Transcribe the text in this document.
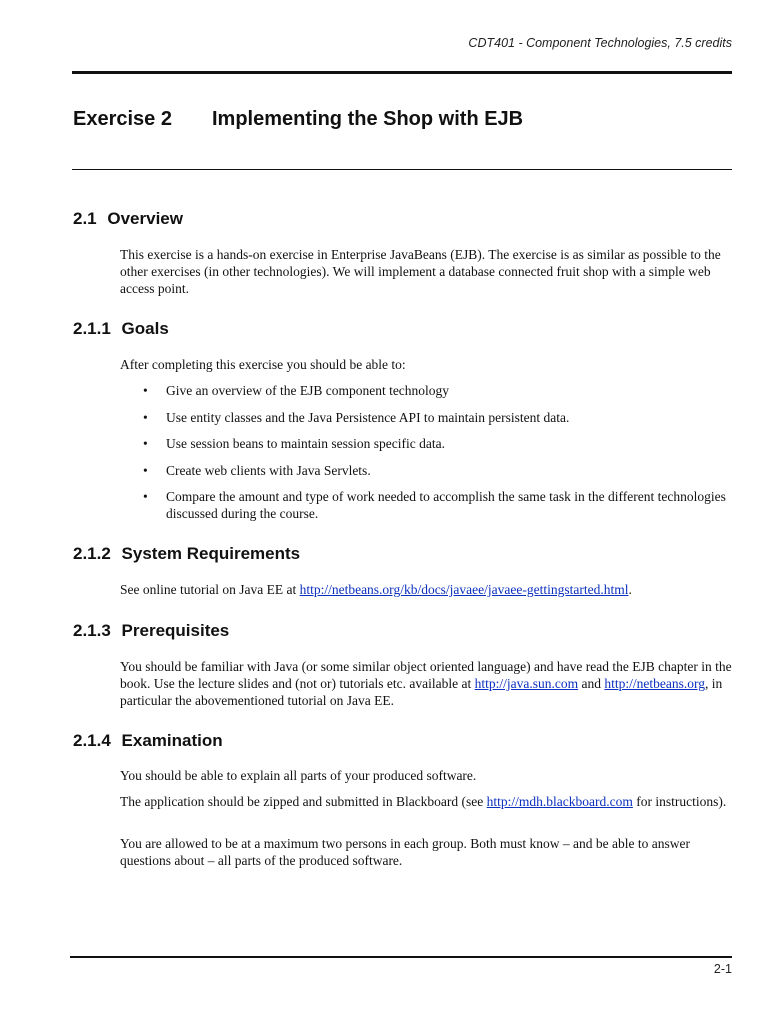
CDT401 - Component Technologies, 7.5 credits
Exercise 2 Implementing the Shop with EJB
2.1 Overview

This exercise is a hands-on exercise in Enterprise JavaBeans (EJB). The exercise is as similar as possible to the other exercises (in other technologies). We will implement a database connected fruit shop with a simple web access point.

2.1.1 Goals

After completing this exercise you should be able to:

• Give an overview of the EJB component technology
• Use entity classes and the Java Persistence API to maintain persistent data.
• Use session beans to maintain session specific data.
• Create web clients with Java Servlets.
• Compare the amount and type of work needed to accomplish the same task in the different technologies discussed during the course.
2.1.2 System Requirements

See online tutorial on Java EE at http://netbeans.org/kb/docs/javaee/javaee-gettingstarted.html.

2.1.3 Prerequisites

You should be familiar with Java (or some similar object oriented language) and have read the EJB chapter in the book. Use the lecture slides and (not or) tutorials etc. available at http://java.sun.com and http://netbeans.org, in particular the abovementioned tutorial on Java EE.

2.1.4 Examination

You should be able to explain all parts of your produced software.

The application should be zipped and submitted in Blackboard (see http://mdh.blackboard.com for instructions).

You are allowed to be at a maximum two persons in each group. Both must know – and be able to answer questions about – all parts of the produced software.

2-1
